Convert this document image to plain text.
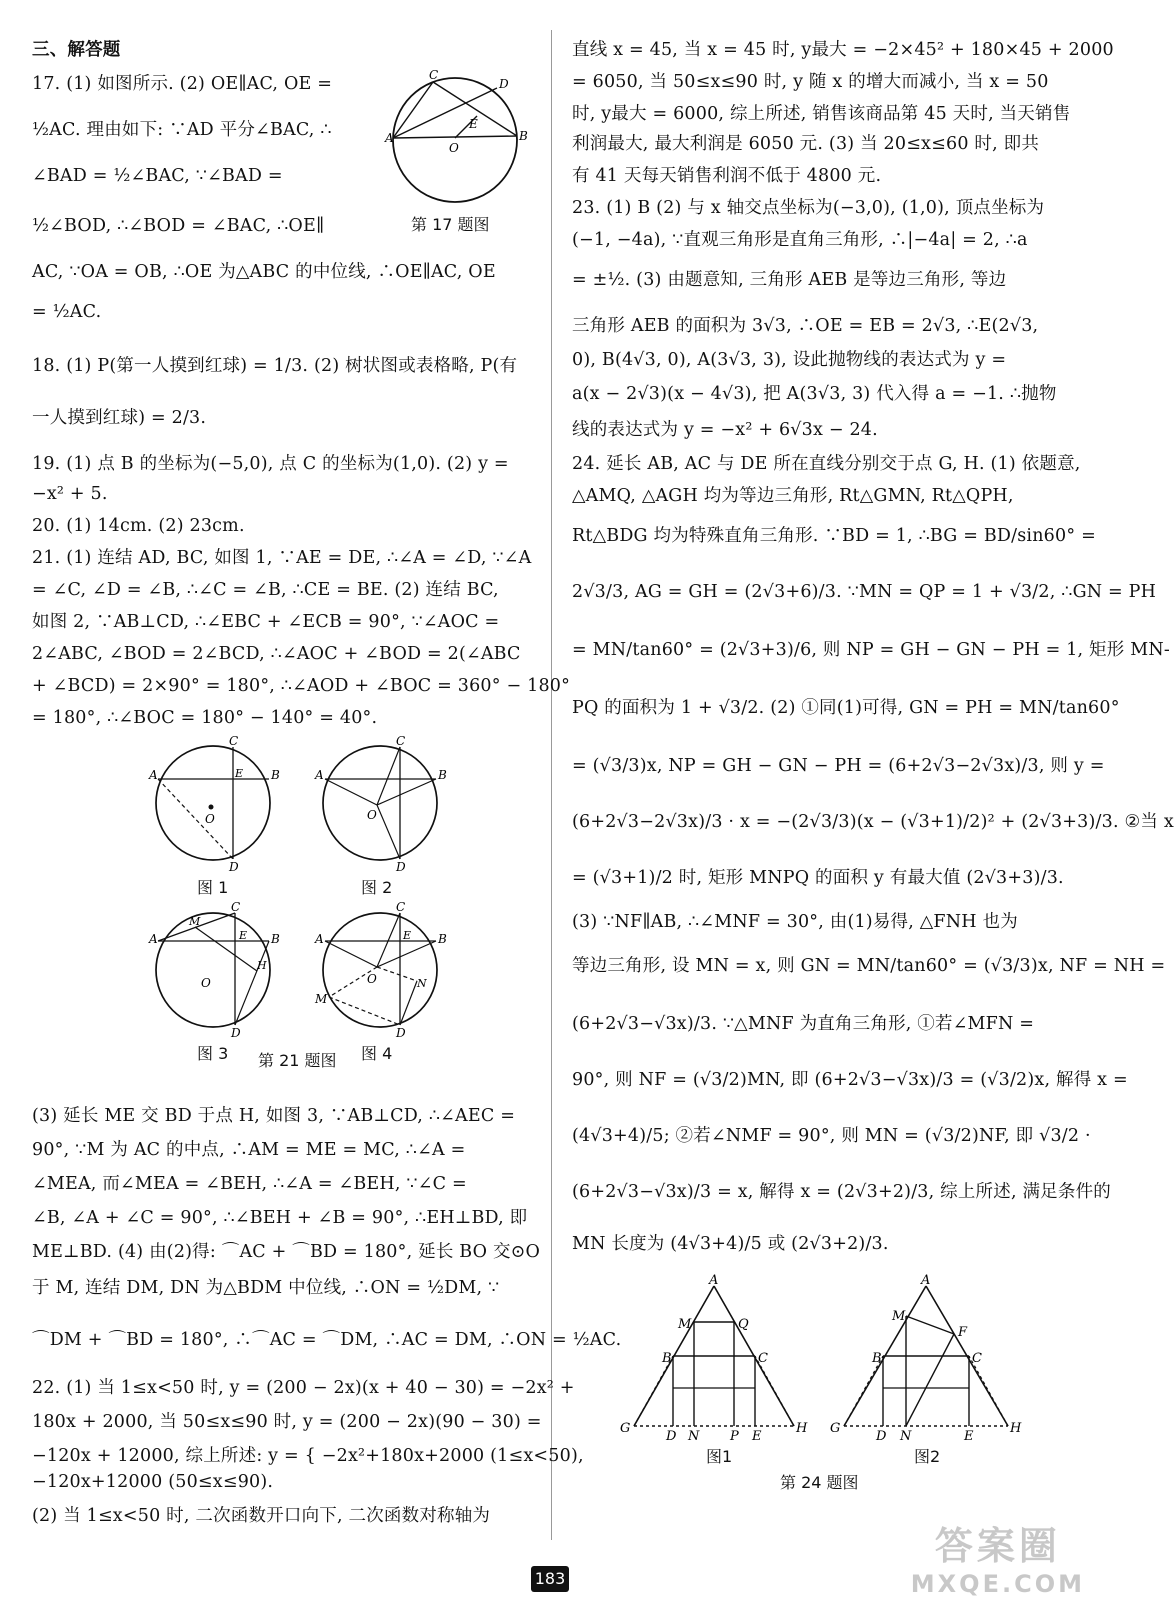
三、解答题
17. (1) 如图所示. (2) OE∥AC, OE =
½AC. 理由如下: ∵AD 平分∠BAC, ∴
∠BAD = ½∠BAC, ∵∠BAD =
½∠BOD, ∴∠BOD = ∠BAC, ∴OE∥
AC, ∵OA = OB, ∴OE 为△ABC 的中位线, ∴OE∥AC, OE
= ½AC.
18. (1) P(第一人摸到红球) = 1/3. (2) 树状图或表格略, P(有
一人摸到红球) = 2/3.
19. (1) 点 B 的坐标为(−5,0), 点 C 的坐标为(1,0). (2) y =
−x² + 5.
20. (1) 14cm. (2) 23cm.
21. (1) 连结 AD, BC, 如图 1, ∵AE = DE, ∴∠A = ∠D, ∵∠A
= ∠C, ∠D = ∠B, ∴∠C = ∠B, ∴CE = BE. (2) 连结 BC,
如图 2, ∵AB⊥CD, ∴∠EBC + ∠ECB = 90°, ∵∠AOC =
2∠ABC, ∠BOD = 2∠BCD, ∴∠AOC + ∠BOD = 2(∠ABC
+ ∠BCD) = 2×90° = 180°, ∴∠AOD + ∠BOC = 360° − 180°
= 180°, ∴∠BOC = 180° − 140° = 40°.
(3) 延长 ME 交 BD 于点 H, 如图 3, ∵AB⊥CD, ∴∠AEC =
90°, ∵M 为 AC 的中点, ∴AM = ME = MC, ∴∠A =
∠MEA, 而∠MEA = ∠BEH, ∴∠A = ∠BEH, ∵∠C =
∠B, ∠A + ∠C = 90°, ∴∠BEH + ∠B = 90°, ∴EH⊥BD, 即
ME⊥BD. (4) 由(2)得: ⌒AC + ⌒BD = 180°, 延长 BO 交⊙O
于 M, 连结 DM, DN 为△BDM 中位线, ∴ON = ½DM, ∵
⌒DM + ⌒BD = 180°, ∴⌒AC = ⌒DM, ∴AC = DM, ∴ON = ½AC.
22. (1) 当 1≤x<50 时, y = (200 − 2x)(x + 40 − 30) = −2x² +
180x + 2000, 当 50≤x≤90 时, y = (200 − 2x)(90 − 30) =
−120x + 12000, 综上所述: y = { −2x²+180x+2000 (1≤x<50),
−120x+12000 (50≤x≤90).
(2) 当 1≤x<50 时, 二次函数开口向下, 二次函数对称轴为
A
C
D
B
E
O
第 17 题图
A
C
B
E
O
D
A
C
B
O
D
A
C
M
B
E
H
O
D
A
C
B
E
N
M
O
D
图 1	图 2
图 3	图 4
第 21 题图
直线 x = 45, 当 x = 45 时, y最大 = −2×45² + 180×45 + 2000
= 6050, 当 50≤x≤90 时, y 随 x 的增大而减小, 当 x = 50
时, y最大 = 6000, 综上所述, 销售该商品第 45 天时, 当天销售
利润最大, 最大利润是 6050 元. (3) 当 20≤x≤60 时, 即共
有 41 天每天销售利润不低于 4800 元.
23. (1) B (2) 与 x 轴交点坐标为(−3,0), (1,0), 顶点坐标为
(−1, −4a), ∵直观三角形是直角三角形, ∴|−4a| = 2, ∴a
= ±½. (3) 由题意知, 三角形 AEB 是等边三角形, 等边
三角形 AEB 的面积为 3√3, ∴OE = EB = 2√3, ∴E(2√3,
0), B(4√3, 0), A(3√3, 3), 设此抛物线的表达式为 y =
a(x − 2√3)(x − 4√3), 把 A(3√3, 3) 代入得 a = −1. ∴抛物
线的表达式为 y = −x² + 6√3x − 24.
24. 延长 AB, AC 与 DE 所在直线分别交于点 G, H. (1) 依题意,
△AMQ, △AGH 均为等边三角形, Rt△GMN, Rt△QPH,
Rt△BDG 均为特殊直角三角形. ∵BD = 1, ∴BG = BD/sin60° =
2√3/3, AG = GH = (2√3+6)/3. ∵MN = QP = 1 + √3/2, ∴GN = PH
= MN/tan60° = (2√3+3)/6, 则 NP = GH − GN − PH = 1, 矩形 MN-
PQ 的面积为 1 + √3/2. (2) ①同(1)可得, GN = PH = MN/tan60°
= (√3/3)x, NP = GH − GN − PH = (6+2√3−2√3x)/3, 则 y =
(6+2√3−2√3x)/3 · x = −(2√3/3)(x − (√3+1)/2)² + (2√3+3)/3. ②当 x
= (√3+1)/2 时, 矩形 MNPQ 的面积 y 有最大值 (2√3+3)/3.
(3) ∵NF∥AB, ∴∠MNF = 30°, 由(1)易得, △FNH 也为
等边三角形, 设 MN = x, 则 GN = MN/tan60° = (√3/3)x, NF = NH =
(6+2√3−√3x)/3. ∵△MNF 为直角三角形, ①若∠MFN =
90°, 则 NF = (√3/2)MN, 即 (6+2√3−√3x)/3 = (√3/2)x, 解得 x =
(4√3+4)/5; ②若∠NMF = 90°, 则 MN = (√3/2)NF, 即 √3/2 ·
(6+2√3−√3x)/3 = x, 解得 x = (2√3+2)/3, 综上所述, 满足条件的
MN 长度为 (4√3+4)/5 或 (2√3+2)/3.
A
M	Q
B	C
G
D N P E
H
A
M
F
B	C
G
D N	E
H
图1	图2
第 24 题图
183
答案圈
MXQE.COM
